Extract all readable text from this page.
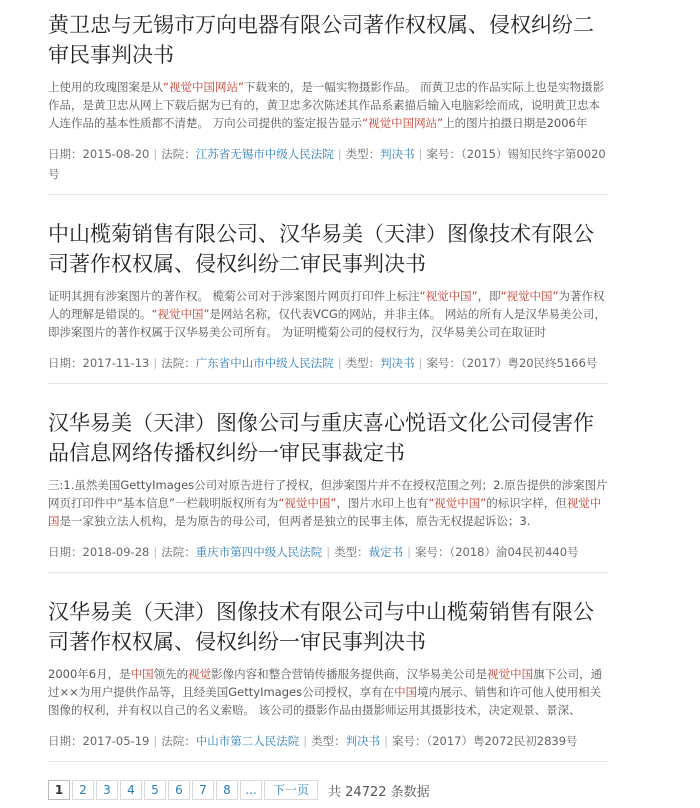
黄卫忠与无锡市万向电器有限公司著作权权属、侵权纠纷二审民事判决书
上使用的玫瑰图案是从“视觉中国网站”下载来的，是一幅实物摄影作品。 而黄卫忠的作品实际上也是实物摄影作品，是黄卫忠从网上下载后据为已有的，黄卫忠多次陈述其作品系素描后输入电脑彩绘而成，说明黄卫忠本人连作品的基本性质都不清楚。 万向公司提供的鉴定报告显示“视觉中国网站”上的图片拍摄日期是2006年
日期：2015-08-20 | 法院：江苏省无锡市中级人民法院 | 类型：判决书 | 案号：（2015）锡知民终字第0020号
中山榄菊销售有限公司、汉华易美（天津）图像技术有限公司著作权权属、侵权纠纷二审民事判决书
证明其拥有涉案图片的著作权。 榄菊公司对于涉案图片网页打印件上标注“视觉中国”，即“视觉中国”为著作权人的理解是错误的。“视觉中国”是网站名称，仅代表VCG的网站，并非主体。 网站的所有人是汉华易美公司，即涉案图片的著作权属于汉华易美公司所有。 为证明榄菊公司的侵权行为，汉华易美公司在取证时
日期：2017-11-13 | 法院：广东省中山市中级人民法院 | 类型：判决书 | 案号：（2017）粤20民终5166号
汉华易美（天津）图像公司与重庆喜心悦语文化公司侵害作品信息网络传播权纠纷一审民事裁定书
三:1.虽然美国GettyImages公司对原告进行了授权，但涉案图片并不在授权范围之列；2.原告提供的涉案图片网页打印件中“基本信息”一栏载明版权所有为“视觉中国”，图片水印上也有“视觉中国”的标识字样，但视觉中国是一家独立法人机构，是为原告的母公司，但两者是独立的民事主体，原告无权提起诉讼；3.
日期：2018-09-28 | 法院：重庆市第四中级人民法院 | 类型：裁定书 | 案号：（2018）渝04民初440号
汉华易美（天津）图像技术有限公司与中山榄菊销售有限公司著作权权属、侵权纠纷一审民事判决书
2000年6月，是中国领先的视觉影像内容和整合营销传播服务提供商，汉华易美公司是视觉中国旗下公司，通过××为用户提供作品等，且经美国GettyImages公司授权，享有在中国境内展示、销售和许可他人使用相关图像的权利，并有权以自己的名义索赔。 该公司的摄影作品由摄影师运用其摄影技术，决定观景、景深、
日期：2017-05-19 | 法院：中山市第二人民法院 | 类型：判决书 | 案号：（2017）粤2072民初2839号
1	2	3	4	5	6	7	8	...	下一页	共 24722 条数据
